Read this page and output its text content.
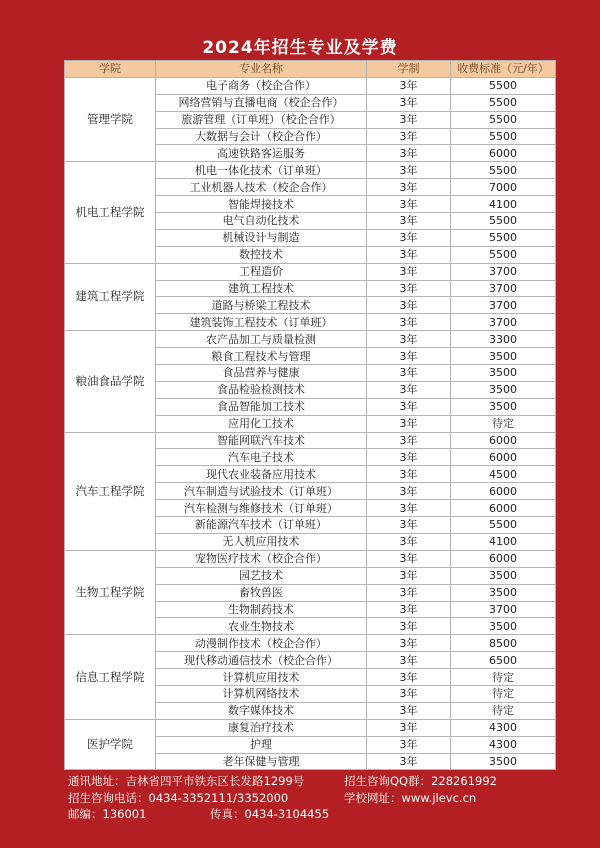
2024年招生专业及学费
学院	专业名称	学制	收费标准（元/年）
管理学院	电子商务（校企合作）	3年	5500
	网络营销与直播电商（校企合作）	3年	5500
	旅游管理（订单班）（校企合作）	3年	5500
	大数据与会计（校企合作）	3年	5500
	高速铁路客运服务	3年	6000
机电工程学院	机电一体化技术（订单班）	3年	5500
	工业机器人技术（校企合作）	3年	7000
	智能焊接技术	3年	4100
	电气自动化技术	3年	5500
	机械设计与制造	3年	5500
	数控技术	3年	5500
建筑工程学院	工程造价	3年	3700
	建筑工程技术	3年	3700
	道路与桥梁工程技术	3年	3700
	建筑装饰工程技术（订单班）	3年	3700
粮油食品学院	农产品加工与质量检测	3年	3300
	粮食工程技术与管理	3年	3500
	食品营养与健康	3年	3500
	食品检验检测技术	3年	3500
	食品智能加工技术	3年	3500
	应用化工技术	3年	待定
汽车工程学院	智能网联汽车技术	3年	6000
	汽车电子技术	3年	6000
	现代农业装备应用技术	3年	4500
	汽车制造与试验技术（订单班）	3年	6000
	汽车检测与维修技术（订单班）	3年	6000
	新能源汽车技术（订单班）	3年	5500
	无人机应用技术	3年	4100
生物工程学院	宠物医疗技术（校企合作）	3年	6000
	园艺技术	3年	3500
	畜牧兽医	3年	3500
	生物制药技术	3年	3700
	农业生物技术	3年	3500
信息工程学院	动漫制作技术（校企合作）	3年	8500
	现代移动通信技术（校企合作）	3年	6500
	计算机应用技术	3年	待定
	计算机网络技术	3年	待定
	数字媒体技术	3年	待定
医护学院	康复治疗技术	3年	4300
	护理	3年	4300
	老年保健与管理	3年	3500
通讯地址：吉林省四平市铁东区长发路1299号	招生咨询QQ群：228261992
招生咨询电话：0434-3352111/3352000	学校网址：www.jlevc.cn
邮编：136001	传真：0434-3104455
